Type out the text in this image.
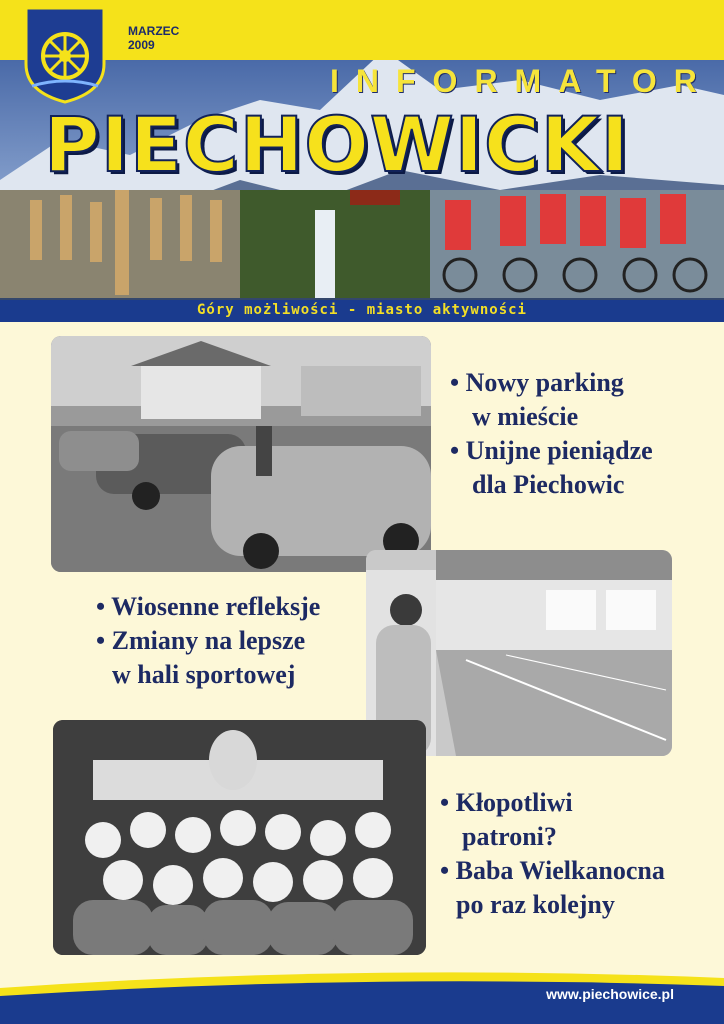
MARZEC
2009
INFORMATOR
PIECHOWICKI
Góry możliwości - miasto aktywności
• Nowy parking
w mieście
• Unijne pieniądze
dla Piechowic
• Wiosenne refleksje
• Zmiany na lepsze
w hali sportowej
• Kłopotliwi
patroni?
• Baba Wielkanocna
po raz kolejny
www.piechowice.pl
